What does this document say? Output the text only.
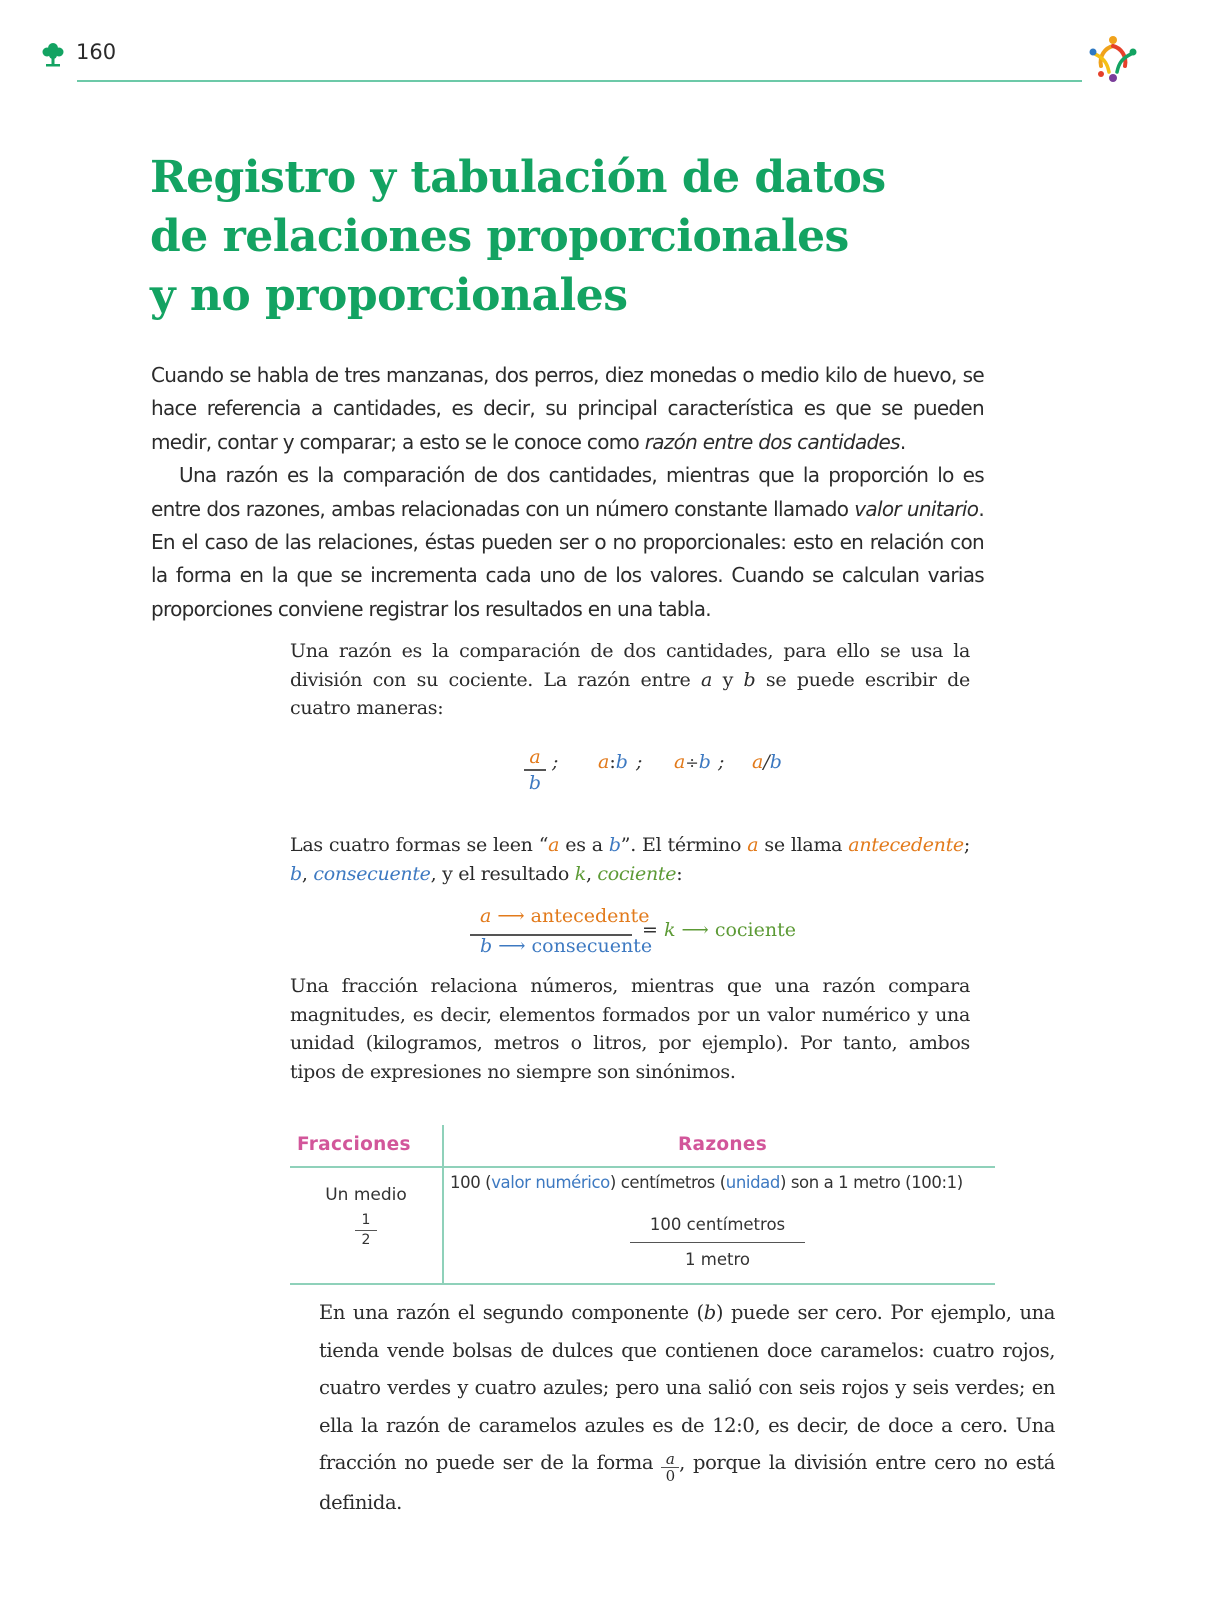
160
Registro y tabulación de datos
de relaciones proporcionales
y no proporcionales

Cuando se habla de tres manzanas, dos perros, diez monedas o medio kilo de huevo, se hace referencia a cantidades, es decir, su principal característica es que se pueden medir, contar y comparar; a esto se le conoce como razón entre dos cantidades.

Una razón es la comparación de dos cantidades, mientras que la proporción lo es entre dos razones, ambas relacionadas con un número constante llamado valor unitario. En el caso de las relaciones, éstas pueden ser o no proporcionales: esto en relación con la forma en la que se incrementa cada uno de los valores. Cuando se calculan varias proporciones conviene registrar los resultados en una tabla.

Una razón es la comparación de dos cantidades, para ello se usa la división con su cociente. La razón entre a y b se puede escribir de cuatro maneras:

a
b
; a:b ; a÷b ; a/b

Las cuatro formas se leen “a es a b”. El término a se llama antecedente; b, consecuente, y el resultado k, cociente:

a ⟶ antecedente
b ⟶ consecuente
= k ⟶ cociente

Una fracción relaciona números, mientras que una razón compara magnitudes, es decir, elementos formados por un valor numérico y una unidad (kilogramos, metros o litros, por ejemplo). Por tanto, ambos tipos de expresiones no siempre son sinónimos.

Fracciones	Razones
Un medio
$\frac{1}{2}$
100 (valor numérico) centímetros (unidad) son a 1 metro (100:1)
100 centímetros
1 metro

En una razón el segundo componente (b) puede ser cero. Por ejemplo, una tienda vende bolsas de dulces que contienen doce caramelos: cuatro rojos, cuatro verdes y cuatro azules; pero una salió con seis rojos y seis verdes; en ella la razón de caramelos azules es de 12:0, es decir, de doce a cero. Una fracción no puede ser de la forma $\frac{a}{0}$, porque la división entre cero no está definida.
